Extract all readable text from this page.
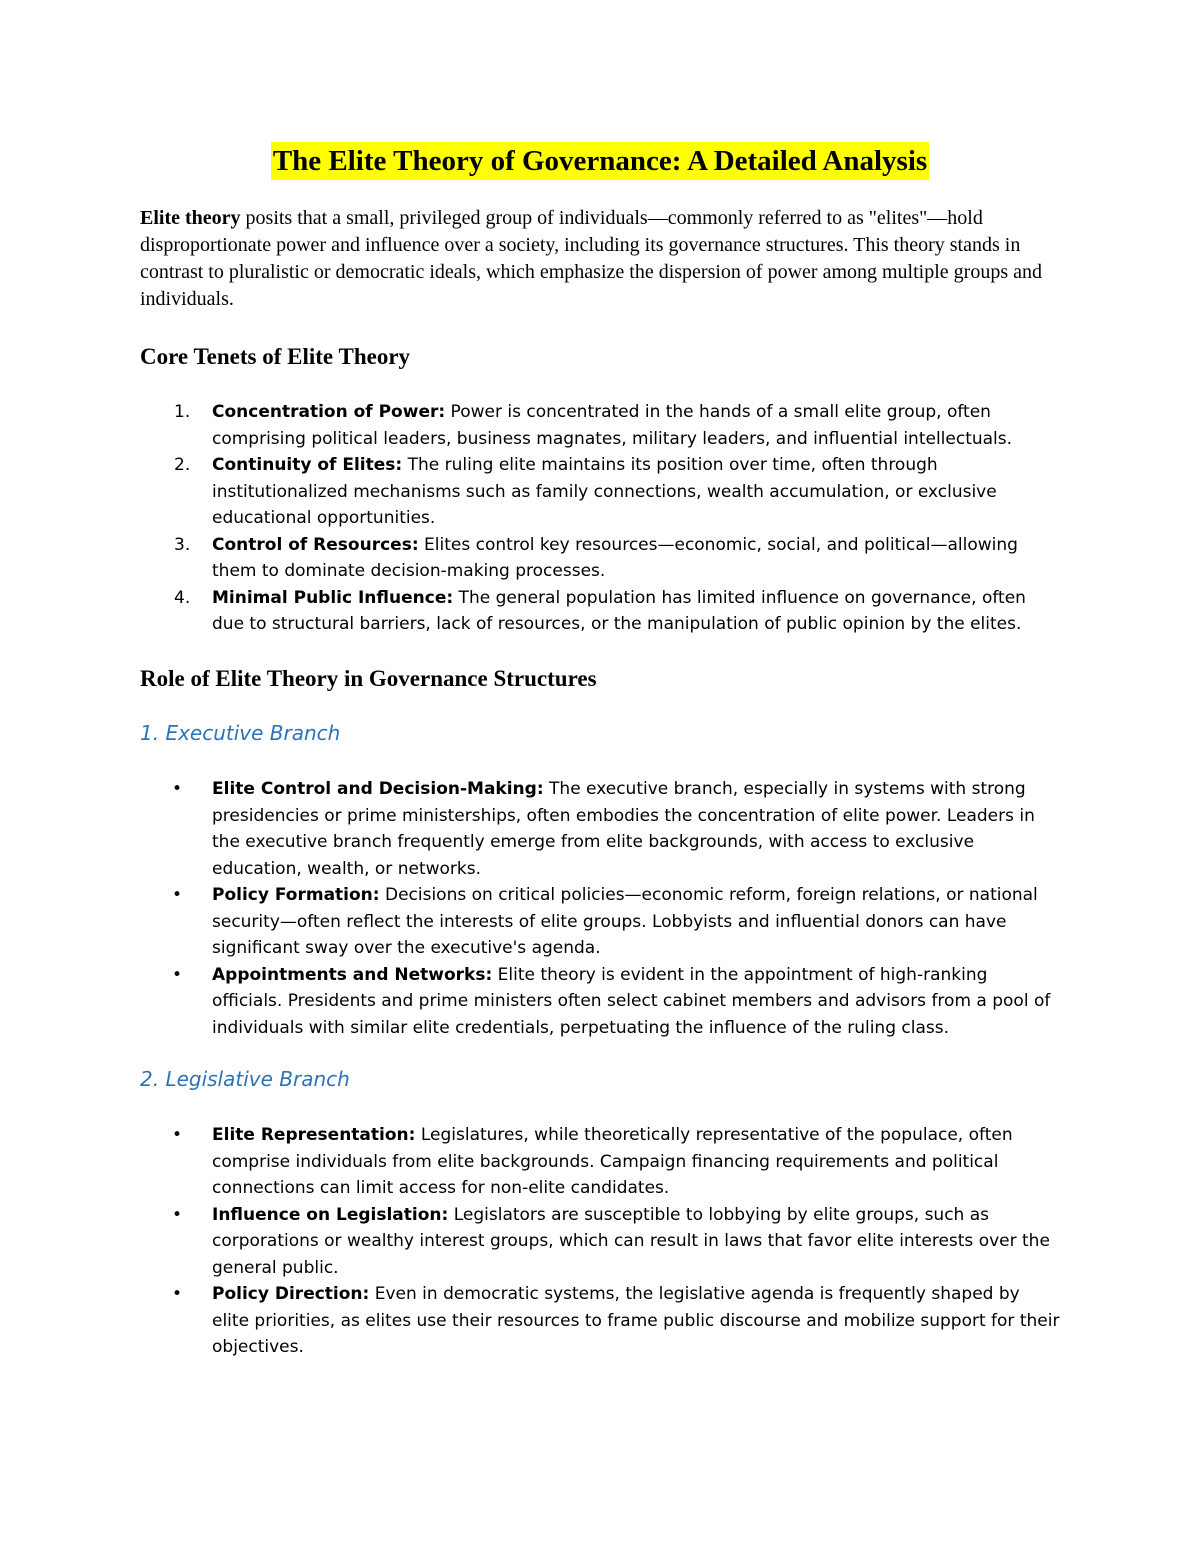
The Elite Theory of Governance: A Detailed Analysis

Elite theory posits that a small, privileged group of individuals—commonly referred to as "elites"—hold disproportionate power and influence over a society, including its governance structures. This theory stands in contrast to pluralistic or democratic ideals, which emphasize the dispersion of power among multiple groups and individuals.

Core Tenets of Elite Theory
1.	Concentration of Power: Power is concentrated in the hands of a small elite group, often comprising political leaders, business magnates, military leaders, and influential intellectuals.
2.	Continuity of Elites: The ruling elite maintains its position over time, often through institutionalized mechanisms such as family connections, wealth accumulation, or exclusive educational opportunities.
3.	Control of Resources: Elites control key resources—economic, social, and political—allowing them to dominate decision-making processes.
4.	Minimal Public Influence: The general population has limited influence on governance, often due to structural barriers, lack of resources, or the manipulation of public opinion by the elites.
Role of Elite Theory in Governance Structures
1. Executive Branch
•	Elite Control and Decision-Making: The executive branch, especially in systems with strong presidencies or prime ministerships, often embodies the concentration of elite power. Leaders in the executive branch frequently emerge from elite backgrounds, with access to exclusive education, wealth, or networks.
•	Policy Formation: Decisions on critical policies—economic reform, foreign relations, or national security—often reflect the interests of elite groups. Lobbyists and influential donors can have significant sway over the executive's agenda.
•	Appointments and Networks: Elite theory is evident in the appointment of high-ranking officials. Presidents and prime ministers often select cabinet members and advisors from a pool of individuals with similar elite credentials, perpetuating the influence of the ruling class.
2. Legislative Branch
•	Elite Representation: Legislatures, while theoretically representative of the populace, often comprise individuals from elite backgrounds. Campaign financing requirements and political connections can limit access for non-elite candidates.
•	Influence on Legislation: Legislators are susceptible to lobbying by elite groups, such as corporations or wealthy interest groups, which can result in laws that favor elite interests over the general public.
•	Policy Direction: Even in democratic systems, the legislative agenda is frequently shaped by elite priorities, as elites use their resources to frame public discourse and mobilize support for their objectives.
